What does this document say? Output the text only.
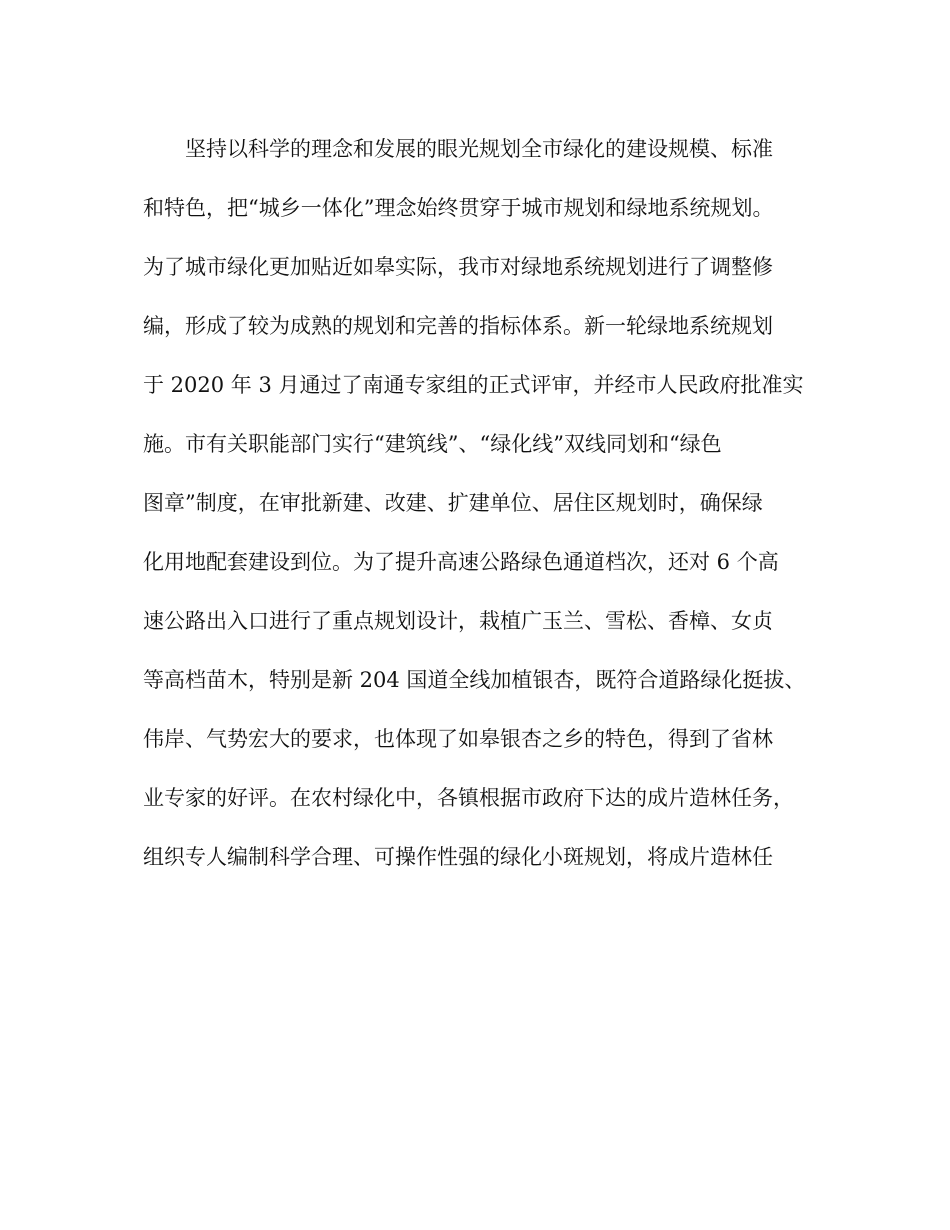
坚持以科学的理念和发展的眼光规划全市绿化的建设规模、标准
和特色，把“城乡一体化”理念始终贯穿于城市规划和绿地系统规划。
为了城市绿化更加贴近如皋实际，我市对绿地系统规划进行了调整修
编，形成了较为成熟的规划和完善的指标体系。新一轮绿地系统规划
于 2020 年 3 月通过了南通专家组的正式评审，并经市人民政府批准实
施。市有关职能部门实行“建筑线”、“绿化线”双线同划和“绿色
图章”制度，在审批新建、改建、扩建单位、居住区规划时，确保绿
化用地配套建设到位。为了提升高速公路绿色通道档次，还对 6 个高
速公路出入口进行了重点规划设计，栽植广玉兰、雪松、香樟、女贞
等高档苗木，特别是新 204 国道全线加植银杏，既符合道路绿化挺拔、
伟岸、气势宏大的要求，也体现了如皋银杏之乡的特色，得到了省林
业专家的好评。在农村绿化中，各镇根据市政府下达的成片造林任务，
组织专人编制科学合理、可操作性强的绿化小斑规划，将成片造林任
